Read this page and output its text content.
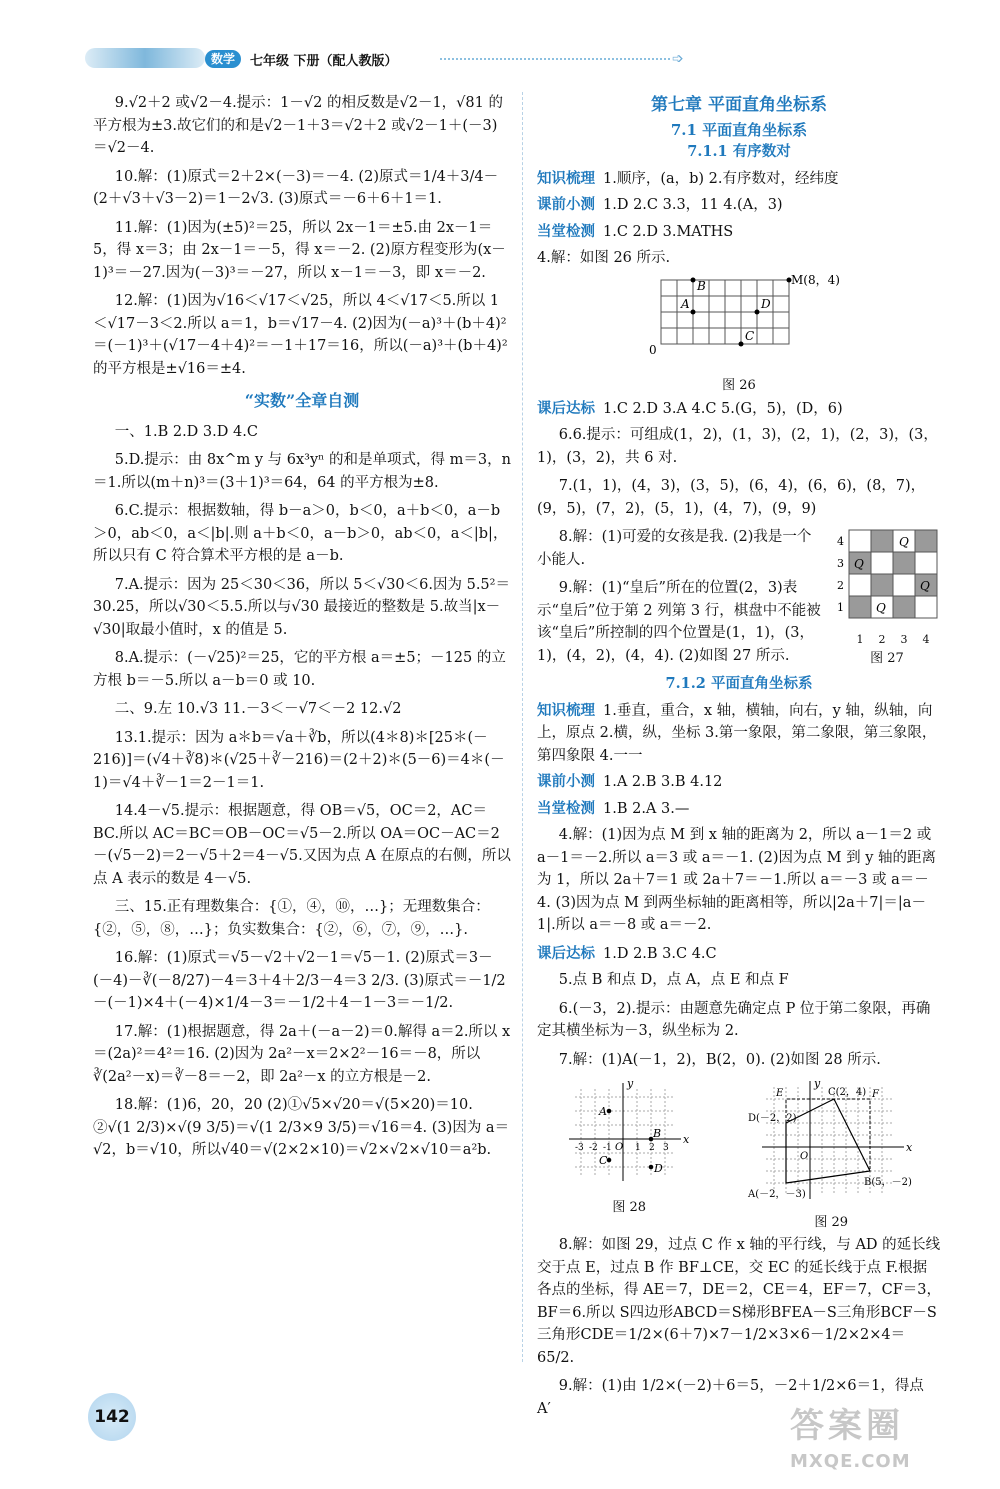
数学	七年级 下册（配人教版）	➩

9.√2＋2 或√2－4.提示：1－√2 的相反数是√2－1，√81 的平方根为±3.故它们的和是√2－1＋3＝√2＋2 或√2－1＋(－3)＝√2－4.

10.解：(1)原式＝2＋2×(－3)＝－4. (2)原式＝1/4＋3/4－(2＋√3＋√3－2)＝1－2√3. (3)原式＝－6＋6＋1＝1.

11.解：(1)因为(±5)²＝25，所以 2x－1＝±5.由 2x－1＝5，得 x＝3；由 2x－1＝－5，得 x＝－2. (2)原方程变形为(x－1)³＝－27.因为(－3)³＝－27，所以 x－1＝－3，即 x＝－2.

12.解：(1)因为√16＜√17＜√25，所以 4＜√17＜5.所以 1＜√17－3＜2.所以 a＝1，b＝√17－4. (2)因为(－a)³＋(b＋4)²＝(－1)³＋(√17－4＋4)²＝－1＋17＝16，所以(－a)³＋(b＋4)²的平方根是±√16＝±4.

“实数”全章自测

一、1.B 2.D 3.D 4.C

5.D.提示：由 8x^m y 与 6x³yⁿ 的和是单项式，得 m＝3，n＝1.所以(m＋n)³＝(3＋1)³＝64，64 的平方根为±8.

6.C.提示：根据数轴，得 b－a＞0，b＜0，a＋b＜0，a－b＞0，ab＜0，a＜|b|.则 a＋b＜0，a－b＞0，ab＜0，a＜|b|，所以只有 C 符合算术平方根的是 a－b.

7.A.提示：因为 25＜30＜36，所以 5＜√30＜6.因为 5.5²＝30.25，所以√30＜5.5.所以与√30 最接近的整数是 5.故当|x－√30|取最小值时，x 的值是 5.

8.A.提示：(－√25)²＝25，它的平方根 a＝±5；－125 的立方根 b＝－5.所以 a－b＝0 或 10.

二、9.左 10.√3 11.－3＜－√7＜－2 12.√2

13.1.提示：因为 a＊b＝√a＋∛b，所以(4＊8)＊[25＊(－216)]＝(√4＋∛8)＊(√25＋∛－216)＝(2＋2)＊(5－6)＝4＊(－1)＝√4＋∛－1＝2－1＝1.

14.4－√5.提示：根据题意，得 OB＝√5，OC＝2，AC＝BC.所以 AC＝BC＝OB－OC＝√5－2.所以 OA＝OC－AC＝2－(√5－2)＝2－√5＋2＝4－√5.又因为点 A 在原点的右侧，所以点 A 表示的数是 4－√5.

三、15.正有理数集合：{①，④，⑩，…}；无理数集合：{②，⑤，⑧，…}；负实数集合：{②，⑥，⑦，⑨，…}.

16.解：(1)原式＝√5－√2＋√2－1＝√5－1. (2)原式＝3－(－4)－∛(－8/27)－4＝3＋4＋2/3－4＝3 2/3. (3)原式＝－1/2－(－1)×4＋(－4)×1/4－3＝－1/2＋4－1－3＝－1/2.

17.解：(1)根据题意，得 2a＋(－a－2)＝0.解得 a＝2.所以 x＝(2a)²＝4²＝16. (2)因为 2a²－x＝2×2²－16＝－8，所以∛(2a²－x)＝∛－8＝－2，即 2a²－x 的立方根是－2.

18.解：(1)6，20，20 (2)①√5×√20＝√(5×20)＝10. ②√(1 2/3)×√(9 3/5)＝√(1 2/3×9 3/5)＝√16＝4. (3)因为 a＝√2，b＝√10，所以√40＝√(2×2×10)＝√2×√2×√10＝a²b.

第七章 平面直角坐标系
7.1 平面直角坐标系
7.1.1 有序数对
知识梳理 1.顺序，(a，b) 2.有序数对，经纬度
课前小测 1.D 2.C 3.3，11 4.(A，3)
当堂检测 1.C 2.D 3.MATHS
4.解：如图 26 所示.
B
A	D
C
M(8，4)
0
图 26
课后达标 1.C 2.D 3.A 4.C 5.(G，5)，(D，6)

6.6.提示：可组成(1，2)，(1，3)，(2，1)，(2，3)，(3，1)，(3，2)，共 6 对.

7.(1，1)，(4，3)，(3，5)，(6，4)，(6，6)，(8，7)，(9，5)，(7，2)，(5，1)，(4，7)，(9，9)

8.解：(1)可爱的女孩是我. (2)我是一个小能人.

9.解：(1)“皇后”所在的位置(2，3)表示“皇后”位于第 2 列第 3 行，棋盘中不能被该“皇后”所控制的四个位置是(1，1)，(3，1)，(4，2)，(4，4). (2)如图 27 所示.

Q
Q
Q
Q
4
3
2
1
1	2	3	4
图 27
7.1.2 平面直角坐标系
知识梳理 1.垂直，重合，x 轴，横轴，向右，y 轴，纵轴，向上，原点 2.横，纵，坐标 3.第一象限，第二象限，第三象限，第四象限 4.一一
课前小测 1.A 2.B 3.B 4.12
当堂检测 1.B 2.A 3.—

4.解：(1)因为点 M 到 x 轴的距离为 2，所以 a－1＝2 或 a－1＝－2.所以 a＝3 或 a＝－1. (2)因为点 M 到 y 轴的距离为 1，所以 2a＋7＝1 或 2a＋7＝－1.所以 a＝－3 或 a＝－4. (3)因为点 M 到两坐标轴的距离相等，所以|2a＋7|＝|a－1|.所以 a＝－8 或 a＝－2.

课后达标 1.D 2.B 3.C 4.C

5.点 B 和点 D，点 A，点 E 和点 F

6.(－3，2).提示：由题意先确定点 P 位于第二象限，再确定其横坐标为－3，纵坐标为 2.

7.解：(1)A(－1，2)，B(2，0). (2)如图 28 所示.

x
y
O
-3 -2 -1	1 2 3
A
B
C
D
图 28
x
y
O
E	C(2，4) F
D(－2，2)
A(－2，－3)
B(5，－2)
图 29

8.解：如图 29，过点 C 作 x 轴的平行线，与 AD 的延长线交于点 E，过点 B 作 BF⊥CE，交 EC 的延长线于点 F.根据各点的坐标，得 AE＝7，DE＝2，CE＝4，EF＝7，CF＝3，BF＝6.所以 S四边形ABCD＝S梯形BFEA－S三角形BCF－S三角形CDE＝1/2×(6＋7)×7－1/2×3×6－1/2×2×4＝65/2.

9.解：(1)由 1/2×(－2)＋6＝5，－2＋1/2×6＝1，得点 A′

142	答案圈
MXQE.COM
